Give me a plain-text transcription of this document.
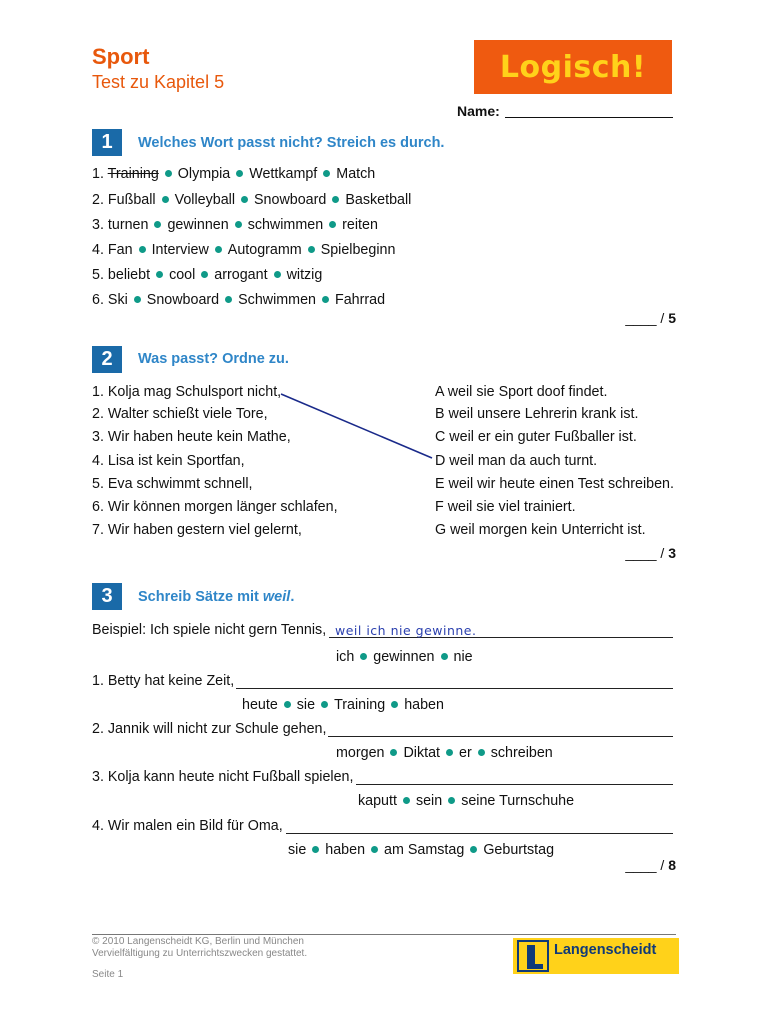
Sport
Test zu Kapitel 5	Logisch!
Name:
1	Welches Wort passt nicht? Streich es durch.
1. Training Olympia Wettkampf Match
2. Fußball Volleyball Snowboard Basketball
3. turnen gewinnen schwimmen reiten
4. Fan Interview Autogramm Spielbeginn
5. beliebt cool arrogant witzig
6. Ski Snowboard Schwimmen Fahrrad
____ / 5
2	Was passt? Ordne zu.
1. Kolja mag Schulsport nicht,
2. Walter schießt viele Tore,
3. Wir haben heute kein Mathe,
4. Lisa ist kein Sportfan,
5. Eva schwimmt schnell,
6. Wir können morgen länger schlafen,
7. Wir haben gestern viel gelernt,
A weil sie Sport doof findet.
B weil unsere Lehrerin krank ist.
C weil er ein guter Fußballer ist.
D weil man da auch turnt.
E weil wir heute einen Test schreiben.
F weil sie viel trainiert.
G weil morgen kein Unterricht ist.
____ / 3
3	Schreib Sätze mit weil.
Beispiel: Ich spiele nicht gern Tennis, weil ich nie gewinne.
ich gewinnen nie
1. Betty hat keine Zeit,
heute sie Training haben
2. Jannik will nicht zur Schule gehen,
morgen Diktat er schreiben
3. Kolja kann heute nicht Fußball spielen,
kaputt sein seine Turnschuhe
4. Wir malen ein Bild für Oma,
sie haben am Samstag Geburtstag
____ / 8
© 2010 Langenscheidt KG, Berlin und München
Vervielfältigung zu Unterrichtszwecken gestattet.
Seite 1
Langenscheidt
